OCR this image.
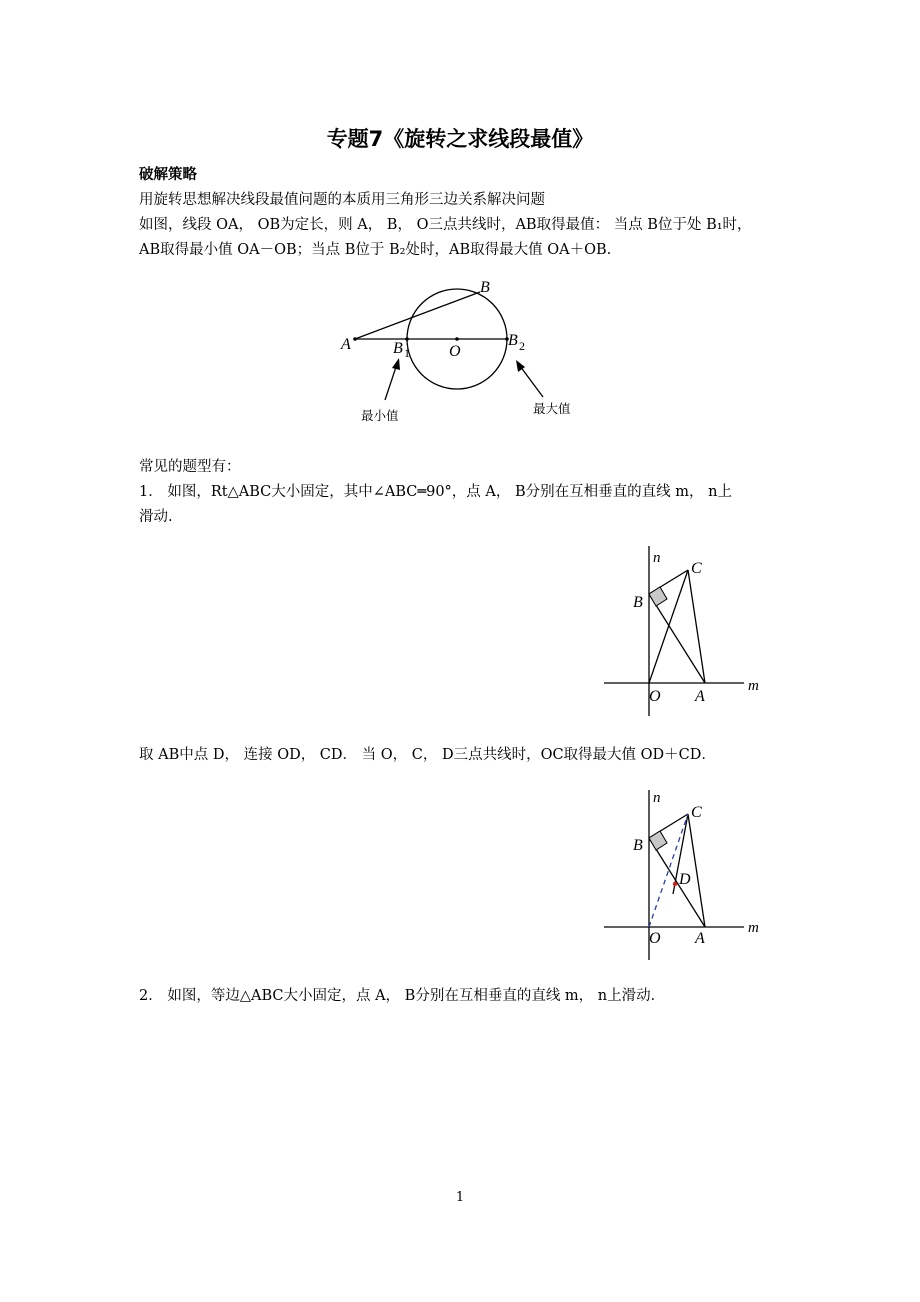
专题7《旋转之求线段最值》
破解策略
用旋转思想解决线段最值问题的本质用三角形三边关系解决问题
如图，线段 OA， OB为定长，则 A， B， O三点共线时，AB取得最值： 当点 B位于处 B₁时，
AB取得最小值 OA－OB；当点 B位于 B₂处时，AB取得最大值 OA＋OB.
A
B
O
B 1
B 2
最小值	最大值
常见的题型有：
1． 如图，Rt△ABC大小固定，其中∠ABC═90°，点 A， B分别在互相垂直的直线 m， n上
滑动.
n
m
B
C
O A
取 AB中点 D， 连接 OD， CD． 当 O， C， D三点共线时，OC取得最大值 OD＋CD．
n
m
B
C
D
O A
2． 如图，等边△ABC大小固定，点 A， B分别在互相垂直的直线 m， n上滑动．
1
